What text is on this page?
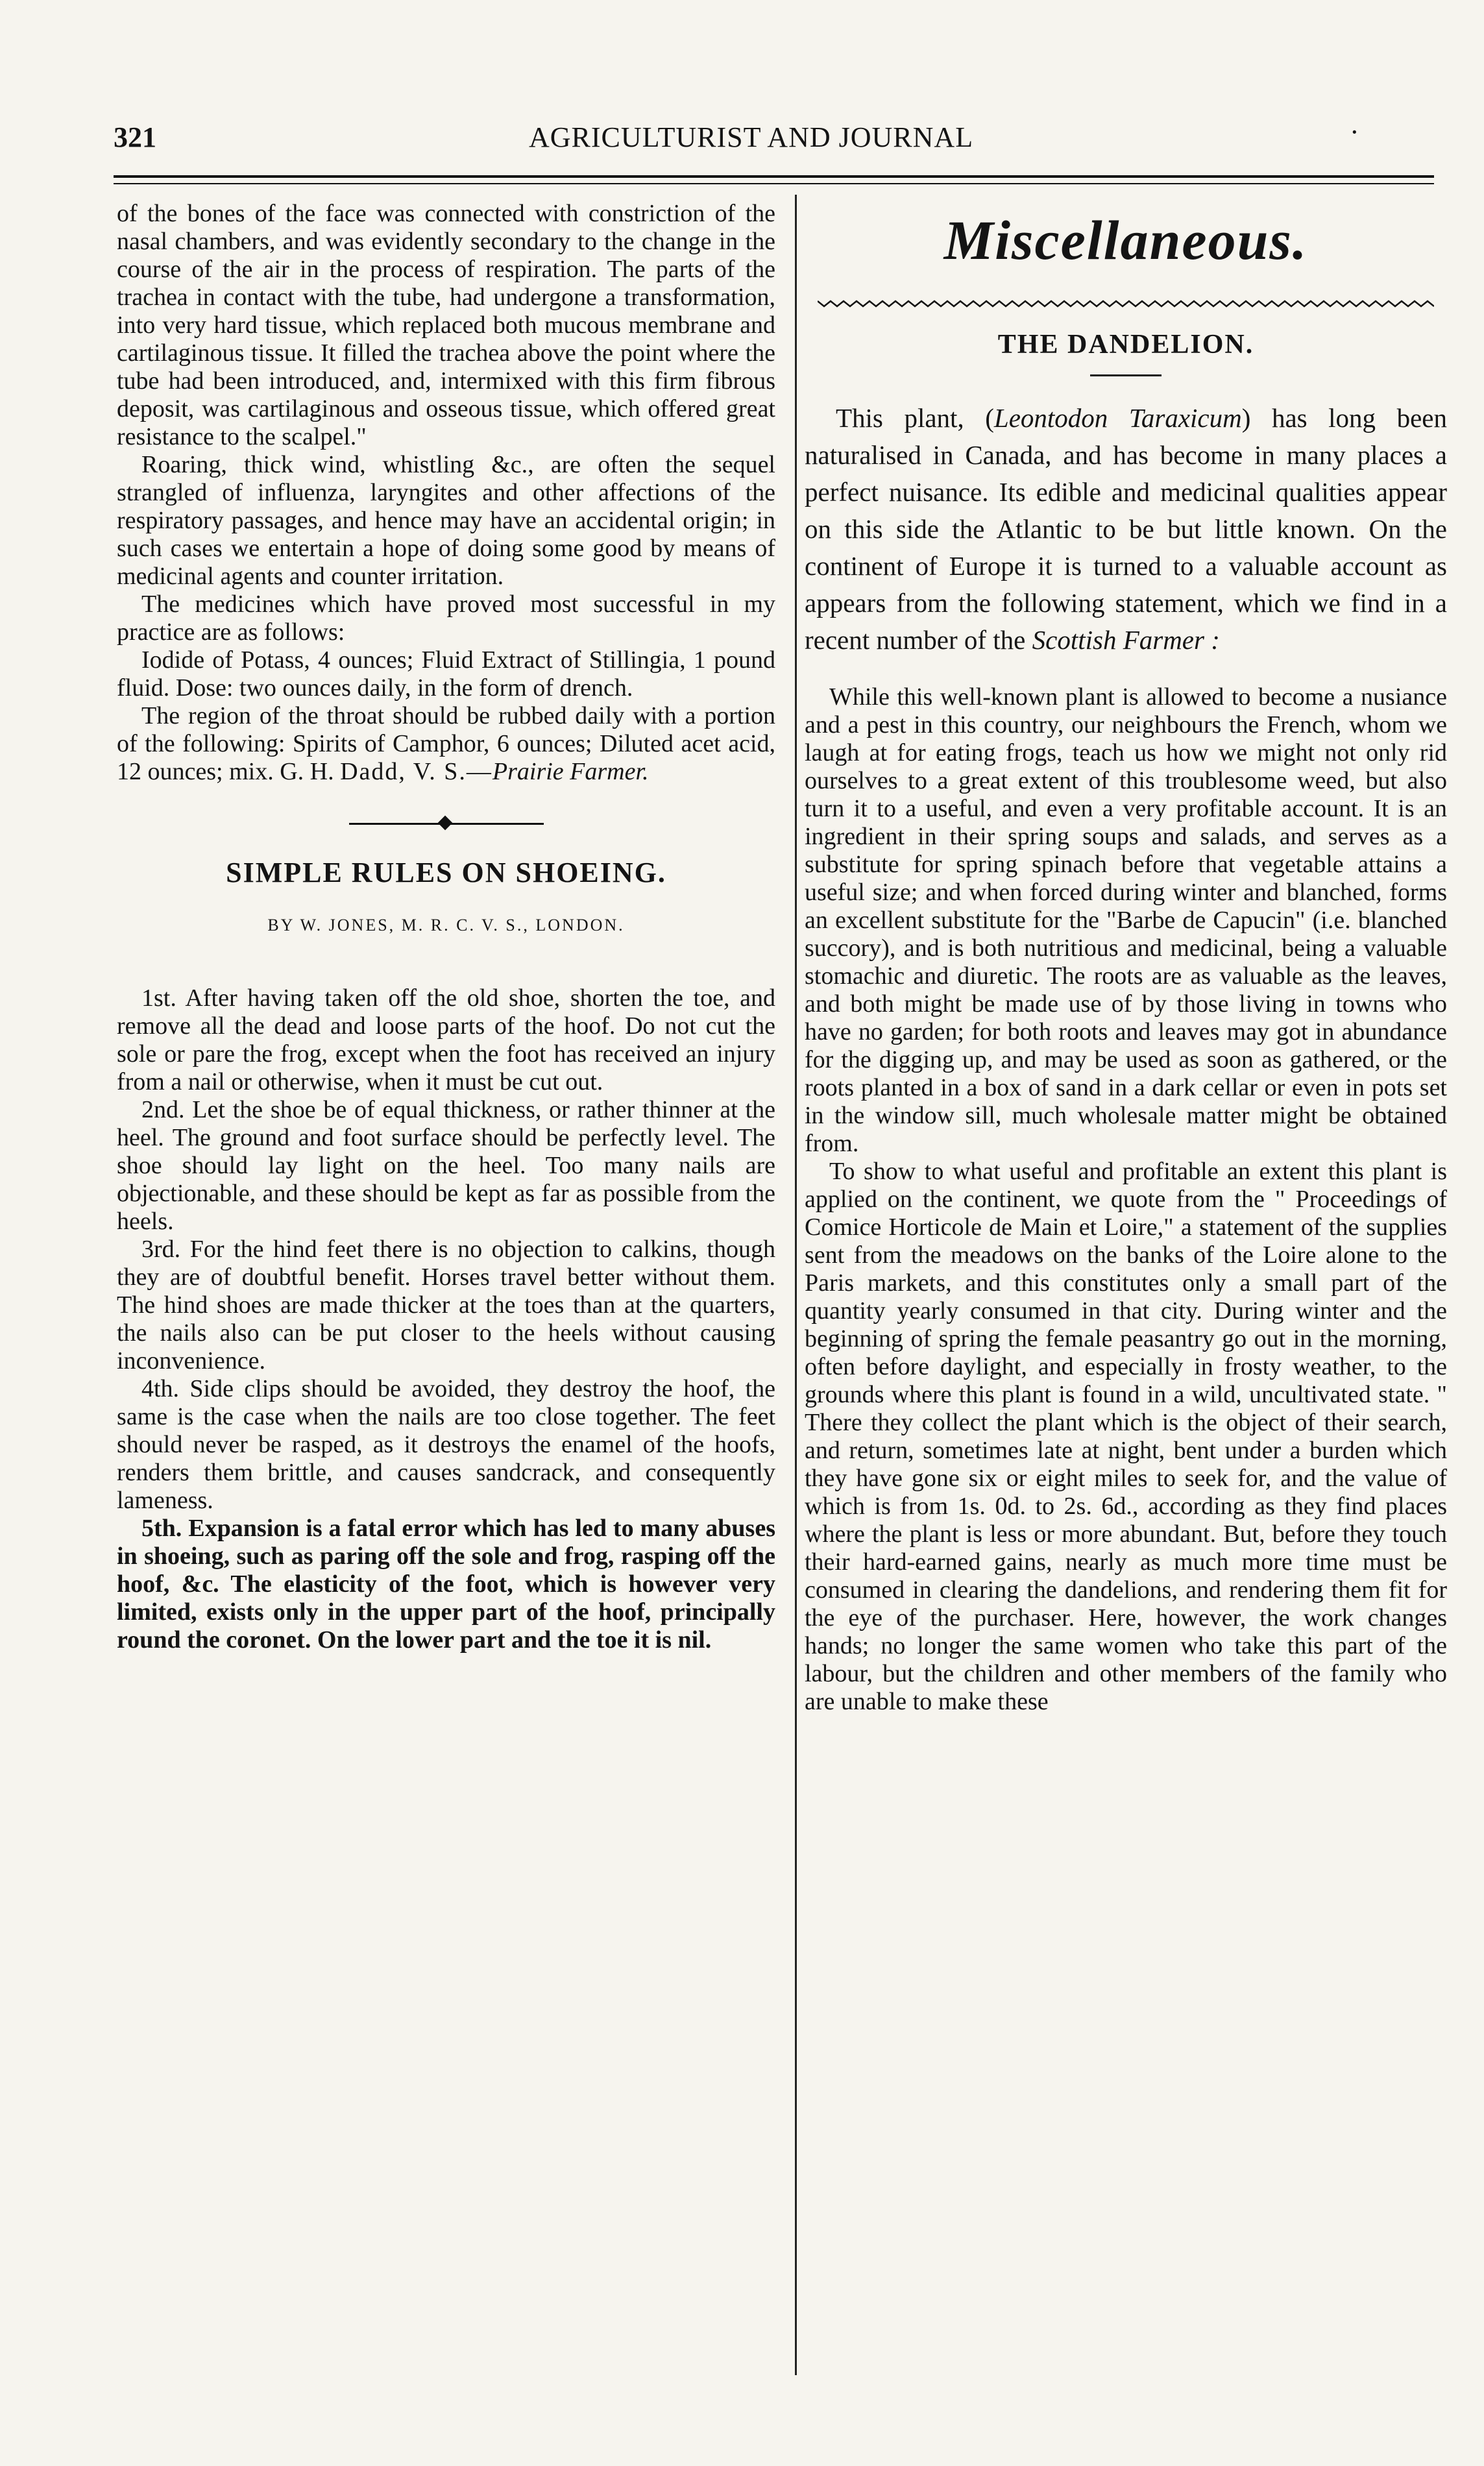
321	AGRICULTURIST AND JOURNAL	·

of the bones of the face was connected with constriction of the nasal chambers, and was evidently secondary to the change in the course of the air in the process of respiration. The parts of the trachea in contact with the tube, had undergone a transformation, into very hard tissue, which replaced both mucous membrane and cartilaginous tissue. It filled the trachea above the point where the tube had been introduced, and, intermixed with this firm fibrous deposit, was cartilaginous and osseous tissue, which offered great resistance to the scalpel."

Roaring, thick wind, whistling &c., are often the sequel strangled of influenza, laryngites and other affections of the respiratory passages, and hence may have an accidental origin; in such cases we entertain a hope of doing some good by means of medicinal agents and counter irritation.

The medicines which have proved most successful in my practice are as follows:

Iodide of Potass, 4 ounces; Fluid Extract of Stillingia, 1 pound fluid. Dose: two ounces daily, in the form of drench.

The region of the throat should be rubbed daily with a portion of the following: Spirits of Camphor, 6 ounces; Diluted acet acid, 12 ounces; mix. G. H. Dadd, V. S.—Prairie Farmer.

SIMPLE RULES ON SHOEING.
BY W. JONES, M. R. C. V. S., LONDON.

1st. After having taken off the old shoe, shorten the toe, and remove all the dead and loose parts of the hoof. Do not cut the sole or pare the frog, except when the foot has received an injury from a nail or otherwise, when it must be cut out.

2nd. Let the shoe be of equal thickness, or rather thinner at the heel. The ground and foot surface should be perfectly level. The shoe should lay light on the heel. Too many nails are objectionable, and these should be kept as far as possible from the heels.

3rd. For the hind feet there is no objection to calkins, though they are of doubtful benefit. Horses travel better without them. The hind shoes are made thicker at the toes than at the quarters, the nails also can be put closer to the heels without causing inconvenience.

4th. Side clips should be avoided, they destroy the hoof, the same is the case when the nails are too close together. The feet should never be rasped, as it destroys the enamel of the hoofs, renders them brittle, and causes sandcrack, and consequently lameness.

5th. Expansion is a fatal error which has led to many abuses in shoeing, such as paring off the sole and frog, rasping off the hoof, &c. The elasticity of the foot, which is however very limited, exists only in the upper part of the hoof, principally round the coronet. On the lower part and the toe it is nil.

Miscellaneous.
THE DANDELION.

This plant, (Leontodon Taraxicum) has long been naturalised in Canada, and has become in many places a perfect nuisance. Its edible and medicinal qualities appear on this side the Atlantic to be but little known. On the continent of Europe it is turned to a valuable account as appears from the following statement, which we find in a recent number of the Scottish Farmer :

While this well-known plant is allowed to become a nusiance and a pest in this country, our neighbours the French, whom we laugh at for eating frogs, teach us how we might not only rid ourselves to a great extent of this troublesome weed, but also turn it to a useful, and even a very profitable account. It is an ingredient in their spring soups and salads, and serves as a substitute for spring spinach before that vegetable attains a useful size; and when forced during winter and blanched, forms an excellent substitute for the "Barbe de Capucin" (i.e. blanched succory), and is both nutritious and medicinal, being a valuable stomachic and diuretic. The roots are as valuable as the leaves, and both might be made use of by those living in towns who have no garden; for both roots and leaves may got in abundance for the digging up, and may be used as soon as gathered, or the roots planted in a box of sand in a dark cellar or even in pots set in the window sill, much wholesale matter might be obtained from.

To show to what useful and profitable an extent this plant is applied on the continent, we quote from the " Proceedings of Comice Horticole de Main et Loire," a statement of the supplies sent from the meadows on the banks of the Loire alone to the Paris markets, and this constitutes only a small part of the quantity yearly consumed in that city. During winter and the beginning of spring the female peasantry go out in the morning, often before daylight, and especially in frosty weather, to the grounds where this plant is found in a wild, uncultivated state. " There they collect the plant which is the object of their search, and return, sometimes late at night, bent under a burden which they have gone six or eight miles to seek for, and the value of which is from 1s. 0d. to 2s. 6d., according as they find places where the plant is less or more abundant. But, before they touch their hard-earned gains, nearly as much more time must be consumed in clearing the dandelions, and rendering them fit for the eye of the purchaser. Here, however, the work changes hands; no longer the same women who take this part of the labour, but the children and other members of the family who are unable to make these
